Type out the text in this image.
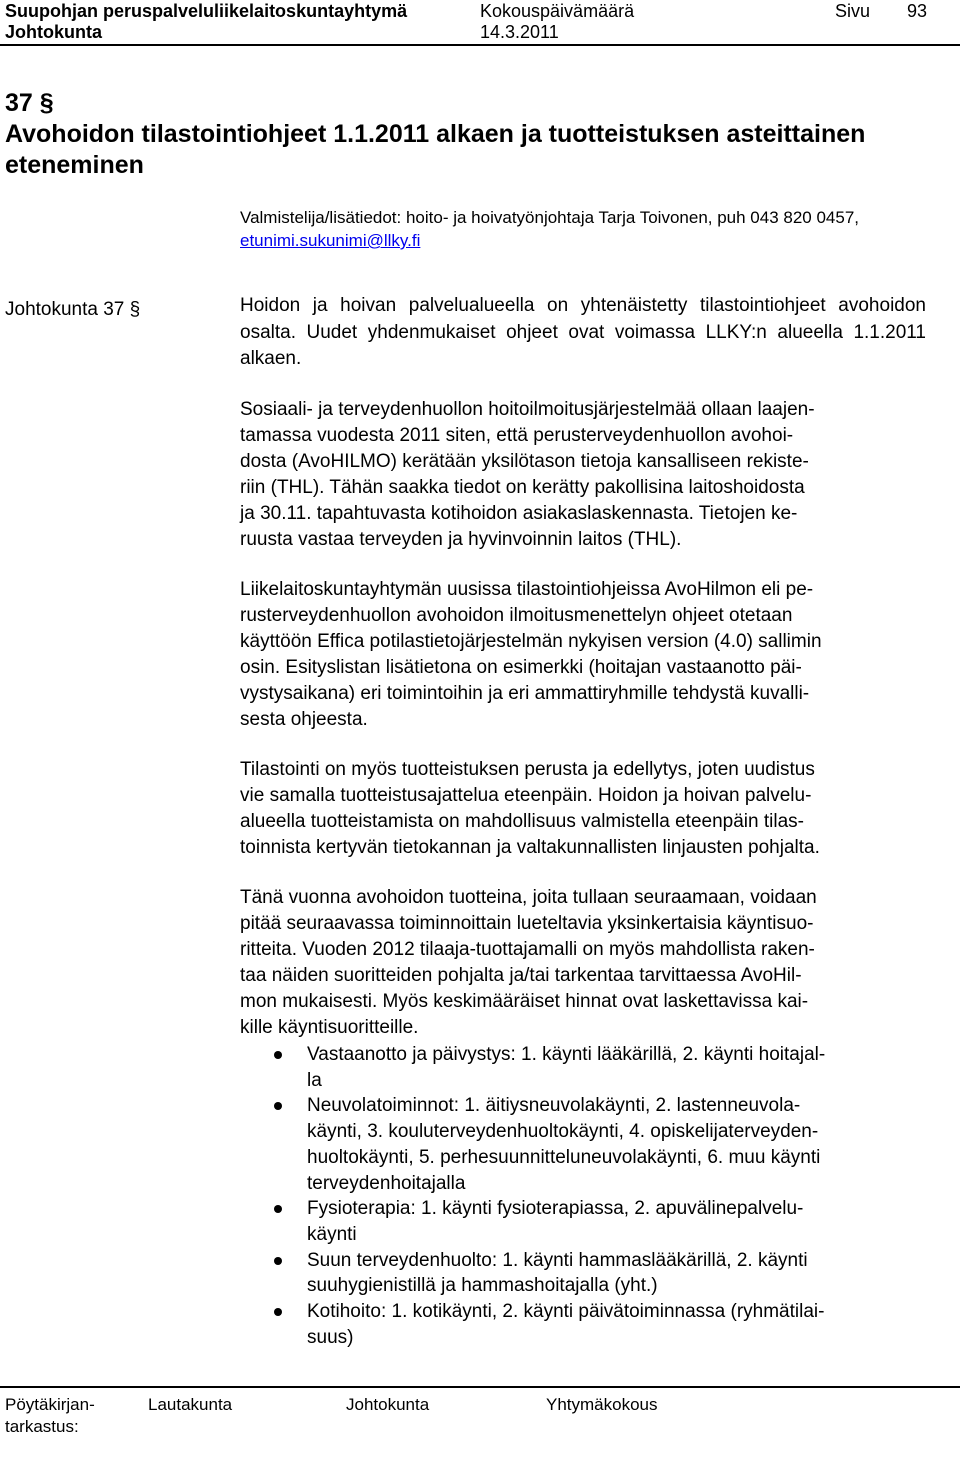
Suupohjan peruspalveluliikelaitoskuntayhtymä
Johtokunta
Kokouspäivämäärä
14.3.2011
Sivu 93
37 §
Avohoidon tilastointiohjeet 1.1.2011 alkaen ja tuotteistuksen asteittainen
eteneminen
Valmistelija/lisätiedot: hoito- ja hoivatyönjohtaja Tarja Toivonen, puh 043 820 0457,
etunimi.sukunimi@llky.fi
Johtokunta 37 §	Hoidon ja hoivan palvelualueella on yhtenäistetty tilastointiohjeet avohoidon osalta. Uudet yhdenmukaiset ohjeet ovat voimassa LLKY:n alueella 1.1.2011 alkaen.
Sosiaali- ja terveydenhuollon hoitoilmoitusjärjestelmää ollaan laajen-
tamassa vuodesta 2011 siten, että perusterveydenhuollon avohoi-
dosta (AvoHILMO) kerätään yksilötason tietoja kansalliseen rekiste-
riin (THL). Tähän saakka tiedot on kerätty pakollisina laitoshoidosta
ja 30.11. tapahtuvasta kotihoidon asiakaslaskennasta. Tietojen ke-
ruusta vastaa terveyden ja hyvinvoinnin laitos (THL).
Liikelaitoskuntayhtymän uusissa tilastointiohjeissa AvoHilmon eli pe-
rusterveydenhuollon avohoidon ilmoitusmenettelyn ohjeet otetaan
käyttöön Effica potilastietojärjestelmän nykyisen version (4.0) sallimin
osin. Esityslistan lisätietona on esimerkki (hoitajan vastaanotto päi-
vystysaikana) eri toimintoihin ja eri ammattiryhmille tehdystä kuvalli-
sesta ohjeesta.
Tilastointi on myös tuotteistuksen perusta ja edellytys, joten uudistus
vie samalla tuotteistusajattelua eteenpäin. Hoidon ja hoivan palvelu-
alueella tuotteistamista on mahdollisuus valmistella eteenpäin tilas-
toinnista kertyvän tietokannan ja valtakunnallisten linjausten pohjalta.
Tänä vuonna avohoidon tuotteina, joita tullaan seuraamaan, voidaan
pitää seuraavassa toiminnoittain lueteltavia yksinkertaisia käyntisuo-
ritteita. Vuoden 2012 tilaaja-tuottajamalli on myös mahdollista raken-
taa näiden suoritteiden pohjalta ja/tai tarkentaa tarvittaessa AvoHil-
mon mukaisesti. Myös keskimääräiset hinnat ovat laskettavissa kai-
kille käyntisuoritteille.
Vastaanotto ja päivystys: 1. käynti lääkärillä, 2. käynti hoitajal-
la
Neuvolatoiminnot: 1. äitiysneuvolakäynti, 2. lastenneuvola-
käynti, 3. kouluterveydenhuoltokäynti, 4. opiskelijaterveyden-
huoltokäynti, 5. perhesuunnitteluneuvolakäynti, 6. muu käynti
terveydenhoitajalla
Fysioterapia: 1. käynti fysioterapiassa, 2. apuvälinepalvelu-
käynti
Suun terveydenhuolto: 1. käynti hammaslääkärillä, 2. käynti
suuhygienistillä ja hammashoitajalla (yht.)
Kotihoito: 1. kotikäynti, 2. käynti päivätoiminnassa (ryhmätilai-
suus)
Pöytäkirjan-
tarkastus:
Lautakunta	Johtokunta	Yhtymäkokous
